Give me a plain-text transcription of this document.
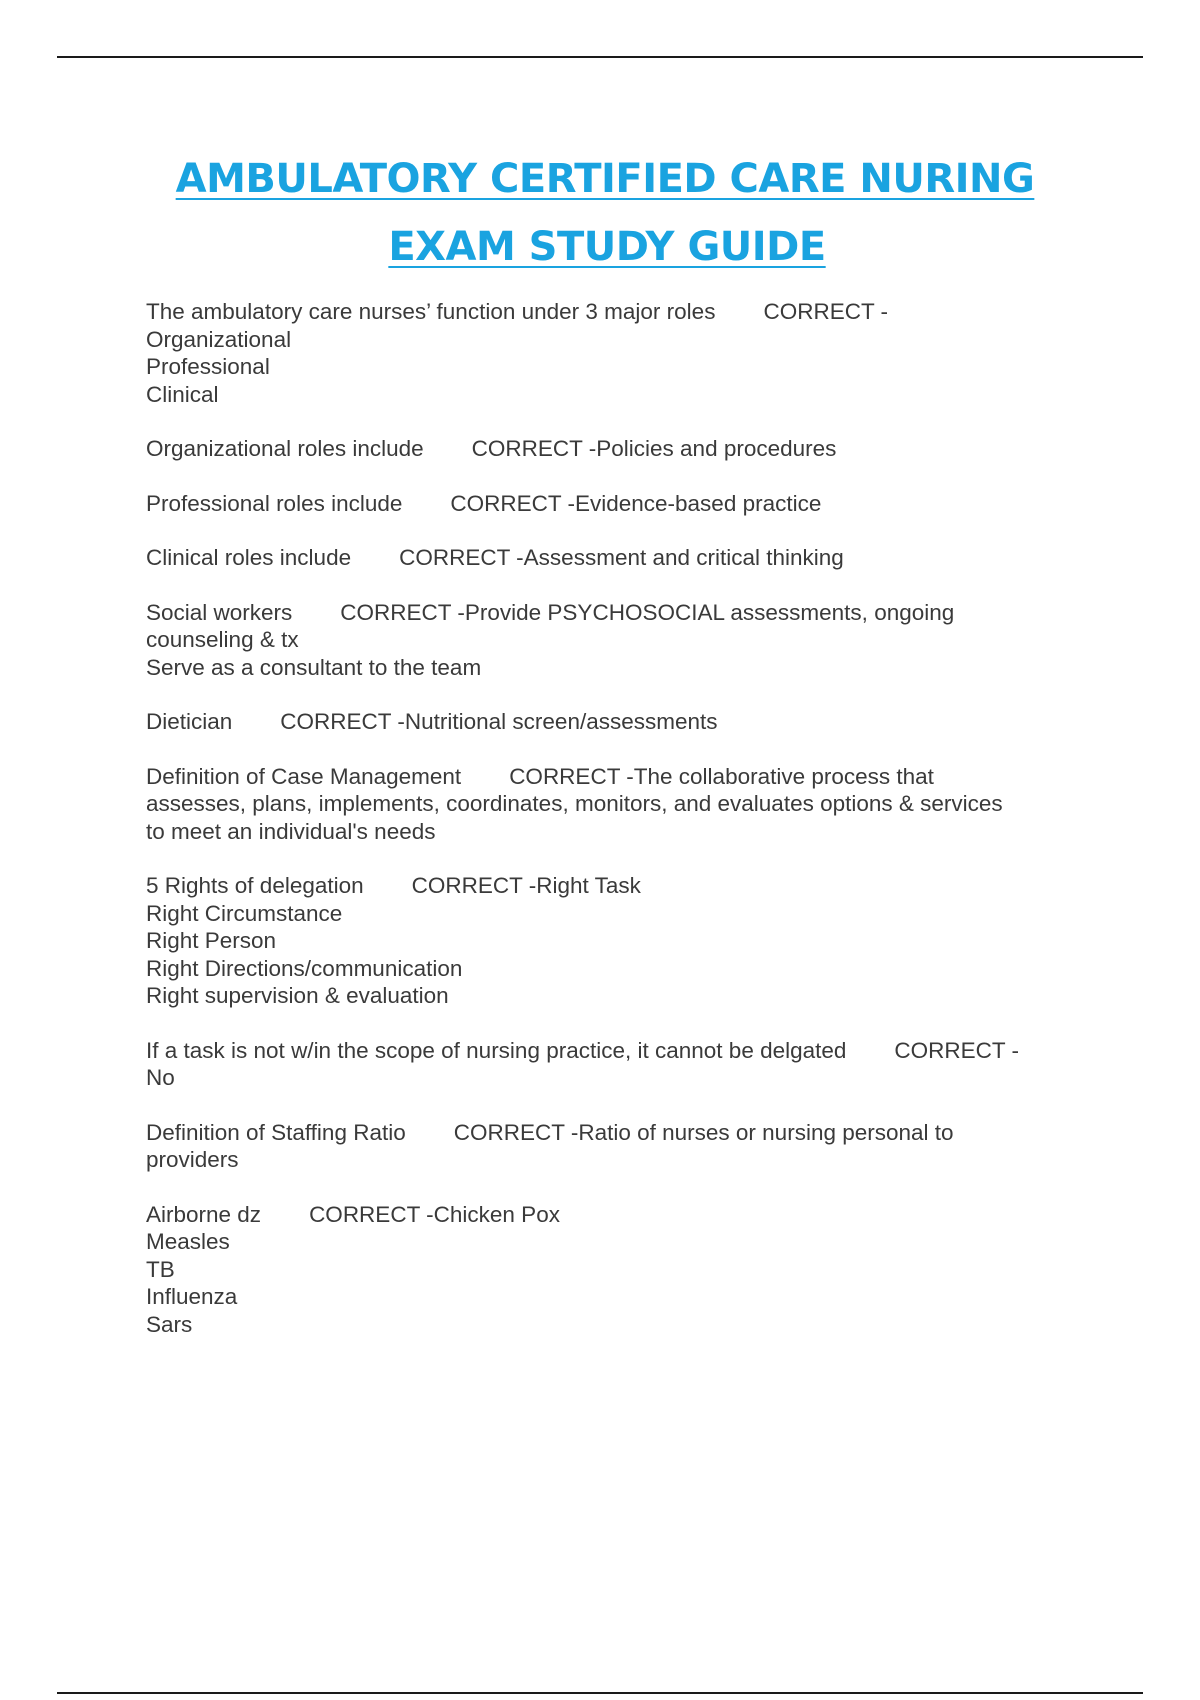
AMBULATORY CERTIFIED CARE NURING
EXAM STUDY GUIDE
The ambulatory care nurses’ function under 3 major roles CORRECT -
Organizational
Professional
Clinical
Organizational roles include CORRECT -Policies and procedures
Professional roles include CORRECT -Evidence-based practice
Clinical roles include CORRECT -Assessment and critical thinking
Social workers CORRECT -Provide PSYCHOSOCIAL assessments, ongoing
counseling & tx
Serve as a consultant to the team
Dietician CORRECT -Nutritional screen/assessments
Definition of Case Management CORRECT -The collaborative process that
assesses, plans, implements, coordinates, monitors, and evaluates options & services
to meet an individual's needs
5 Rights of delegation CORRECT -Right Task
Right Circumstance
Right Person
Right Directions/communication
Right supervision & evaluation
If a task is not w/in the scope of nursing practice, it cannot be delgated CORRECT -
No
Definition of Staffing Ratio CORRECT -Ratio of nurses or nursing personal to
providers
Airborne dz CORRECT -Chicken Pox
Measles
TB
Influenza
Sars
